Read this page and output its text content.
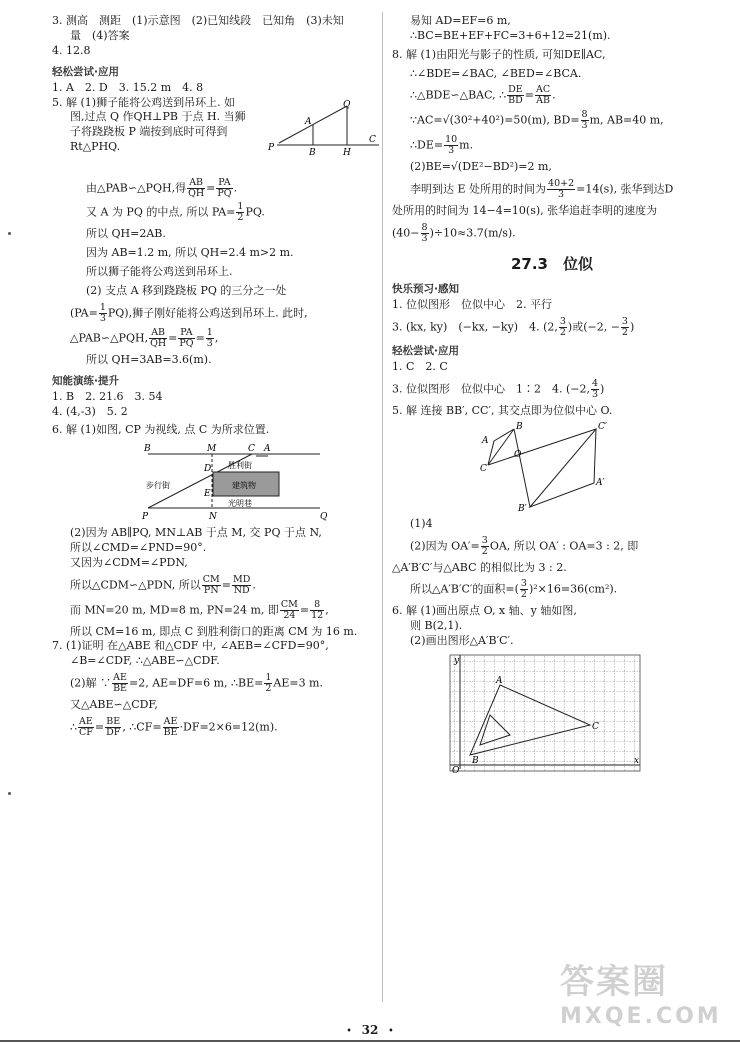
3. 测高　测距　(1)示意图　(2)已知线段　已知角　(3)未知
量　(4)答案
4. 12.8
轻松尝试·应用
1. A　2. D　3. 15.2 m　4. 8
5. 解 (1)狮子能将公鸡送到吊环上. 如
图,过点 Q 作QH⊥PB 于点 H. 当狮
子将跷跷板 P 端按到底时可得到
Rt△PHQ.
Q
A
P	B	H
C
由△PAB∽△PQH,得 $\frac{AB}{QH} = \frac{PA}{PQ}$ .
又 A 为 PQ 的中点, 所以 $PA= \frac{1}{2}$ PQ.
所以 QH=2AB.
因为 AB=1.2 m, 所以 QH=2.4 m>2 m.
所以狮子能将公鸡送到吊环上.
(2) 支点 A 移到跷跷板 PQ 的三分之一处
$(PA= \frac{1}{3} PQ)$,狮子刚好能将公鸡送到吊环上. 此时,
△PAB∽△PQH, $\frac{AB}{QH} = \frac{PA}{PQ} = \frac{1}{3}$ ,
所以 QH=3AB=3.6(m).
知能演练·提升
1. B　2. 21.6　3. 54
4. (4,-3)　5. 2
6. 解 (1)如图, CP 为视线, 点 C 为所求位置.
B	M	C A
D
E
P	N	Q
胜利街
步行街	建筑物
光明巷
(2)因为 AB∥PQ, MN⊥AB 于点 M, 交 PQ 于点 N,
所以∠CMD=∠PND=90°.
又因为∠CDM=∠PDN,
所以△CDM∽△PDN, 所以 $\frac{CM}{PN} = \frac{MD}{ND}$ .
而 MN=20 m, MD=8 m, PN=24 m, 即 $\frac{CM}{24} = \frac{8}{12}$ ,
所以 CM=16 m, 即点 C 到胜利街口的距离 CM 为 16 m.
7. (1)证明 在△ABE 和△CDF 中, ∠AEB=∠CFD=90°,
∠B=∠CDF, ∴△ABE∽△CDF.
(2)解 ∵ $\frac{AE}{BE} =2$, AE=DF=6 m, ∴BE= $\frac{1}{2} AE=3$ m.
又△ABE∽△CDF,
∴ $\frac{AE}{CF} = \frac{BE}{DF}$ , ∴CF= $\frac{AE}{BE} \cdot DF=2\times 6=12(m)$.
易知 AD=EF=6 m,
∴BC=BE+EF+FC=3+6+12=21(m).
8. 解 (1)由阳光与影子的性质, 可知DE∥AC,
∴∠BDE=∠BAC, ∠BED=∠BCA.
∴△BDE∽△BAC, ∴ $\frac{DE}{BD} = \frac{AC}{AB}$ .
∵AC=√(30²+40²)=50(m), $BD= \frac{8}{3} m$, AB=40 m,
∴DE= $\frac{10}{3} m$.
(2)BE=√(DE²−BD²)=2 m,
李明到达 E 处所用的时间为 $\frac{40+2}{3} =14(s)$, 张华到达D
处所用的时间为 14−4=10(s), 张华追赶李明的速度为
$(40- \frac{8}{3} )\div 10\approx 3.7(m/s)$.
27.3　位似
快乐预习·感知
1. 位似图形　位似中心　2. 平行
3. (kx, ky)　(−kx, −ky)　4. (2, $\frac{3}{2}$ )或(−2, − $\frac{3}{2}$ )
轻松尝试·应用
1. C　2. C
3. 位似图形　位似中心　1∶2　4. (−2, $\frac{4}{3}$ )
5. 解 连接 BB′, CC′, 其交点即为位似中心 O.
A
B
C
O
C′
A′
B′
(1)4
(2)因为 $OA'= \frac{3}{2}$ OA, 所以 OA′ : OA=3 : 2, 即
△A′B′C′与△ABC 的相似比为 3 : 2.
所以△A′B′C′的面积=( $\frac{3}{2} )^2\times 16=36(cm^2)$.
6. 解 (1)画出原点 O, x 轴、y 轴如图,
则 B(2,1).
(2)画出图形△A′B′C′.
y
A
C
B	x
O
• 32 •
答案圈
MXQE.COM
